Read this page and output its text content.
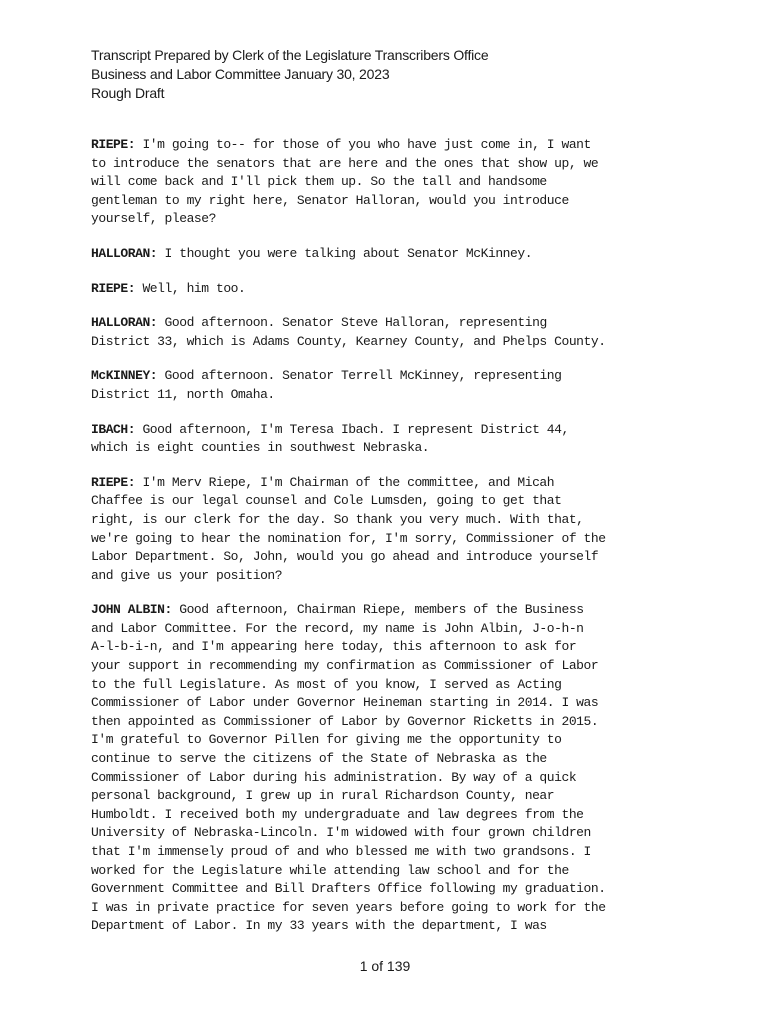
Transcript Prepared by Clerk of the Legislature Transcribers Office
Business and Labor Committee January 30, 2023
Rough Draft
RIEPE: I'm going to-- for those of you who have just come in, I want
to introduce the senators that are here and the ones that show up, we
will come back and I'll pick them up. So the tall and handsome
gentleman to my right here, Senator Halloran, would you introduce
yourself, please?
HALLORAN: I thought you were talking about Senator McKinney.
RIEPE: Well, him too.
HALLORAN: Good afternoon. Senator Steve Halloran, representing
District 33, which is Adams County, Kearney County, and Phelps County.
McKINNEY: Good afternoon. Senator Terrell McKinney, representing
District 11, north Omaha.
IBACH: Good afternoon, I'm Teresa Ibach. I represent District 44,
which is eight counties in southwest Nebraska.
RIEPE: I'm Merv Riepe, I'm Chairman of the committee, and Micah
Chaffee is our legal counsel and Cole Lumsden, going to get that
right, is our clerk for the day. So thank you very much. With that,
we're going to hear the nomination for, I'm sorry, Commissioner of the
Labor Department. So, John, would you go ahead and introduce yourself
and give us your position?
JOHN ALBIN: Good afternoon, Chairman Riepe, members of the Business
and Labor Committee. For the record, my name is John Albin, J-o-h-n
A-l-b-i-n, and I'm appearing here today, this afternoon to ask for
your support in recommending my confirmation as Commissioner of Labor
to the full Legislature. As most of you know, I served as Acting
Commissioner of Labor under Governor Heineman starting in 2014. I was
then appointed as Commissioner of Labor by Governor Ricketts in 2015.
I'm grateful to Governor Pillen for giving me the opportunity to
continue to serve the citizens of the State of Nebraska as the
Commissioner of Labor during his administration. By way of a quick
personal background, I grew up in rural Richardson County, near
Humboldt. I received both my undergraduate and law degrees from the
University of Nebraska-Lincoln. I'm widowed with four grown children
that I'm immensely proud of and who blessed me with two grandsons. I
worked for the Legislature while attending law school and for the
Government Committee and Bill Drafters Office following my graduation.
I was in private practice for seven years before going to work for the
Department of Labor. In my 33 years with the department, I was
1 of 139
